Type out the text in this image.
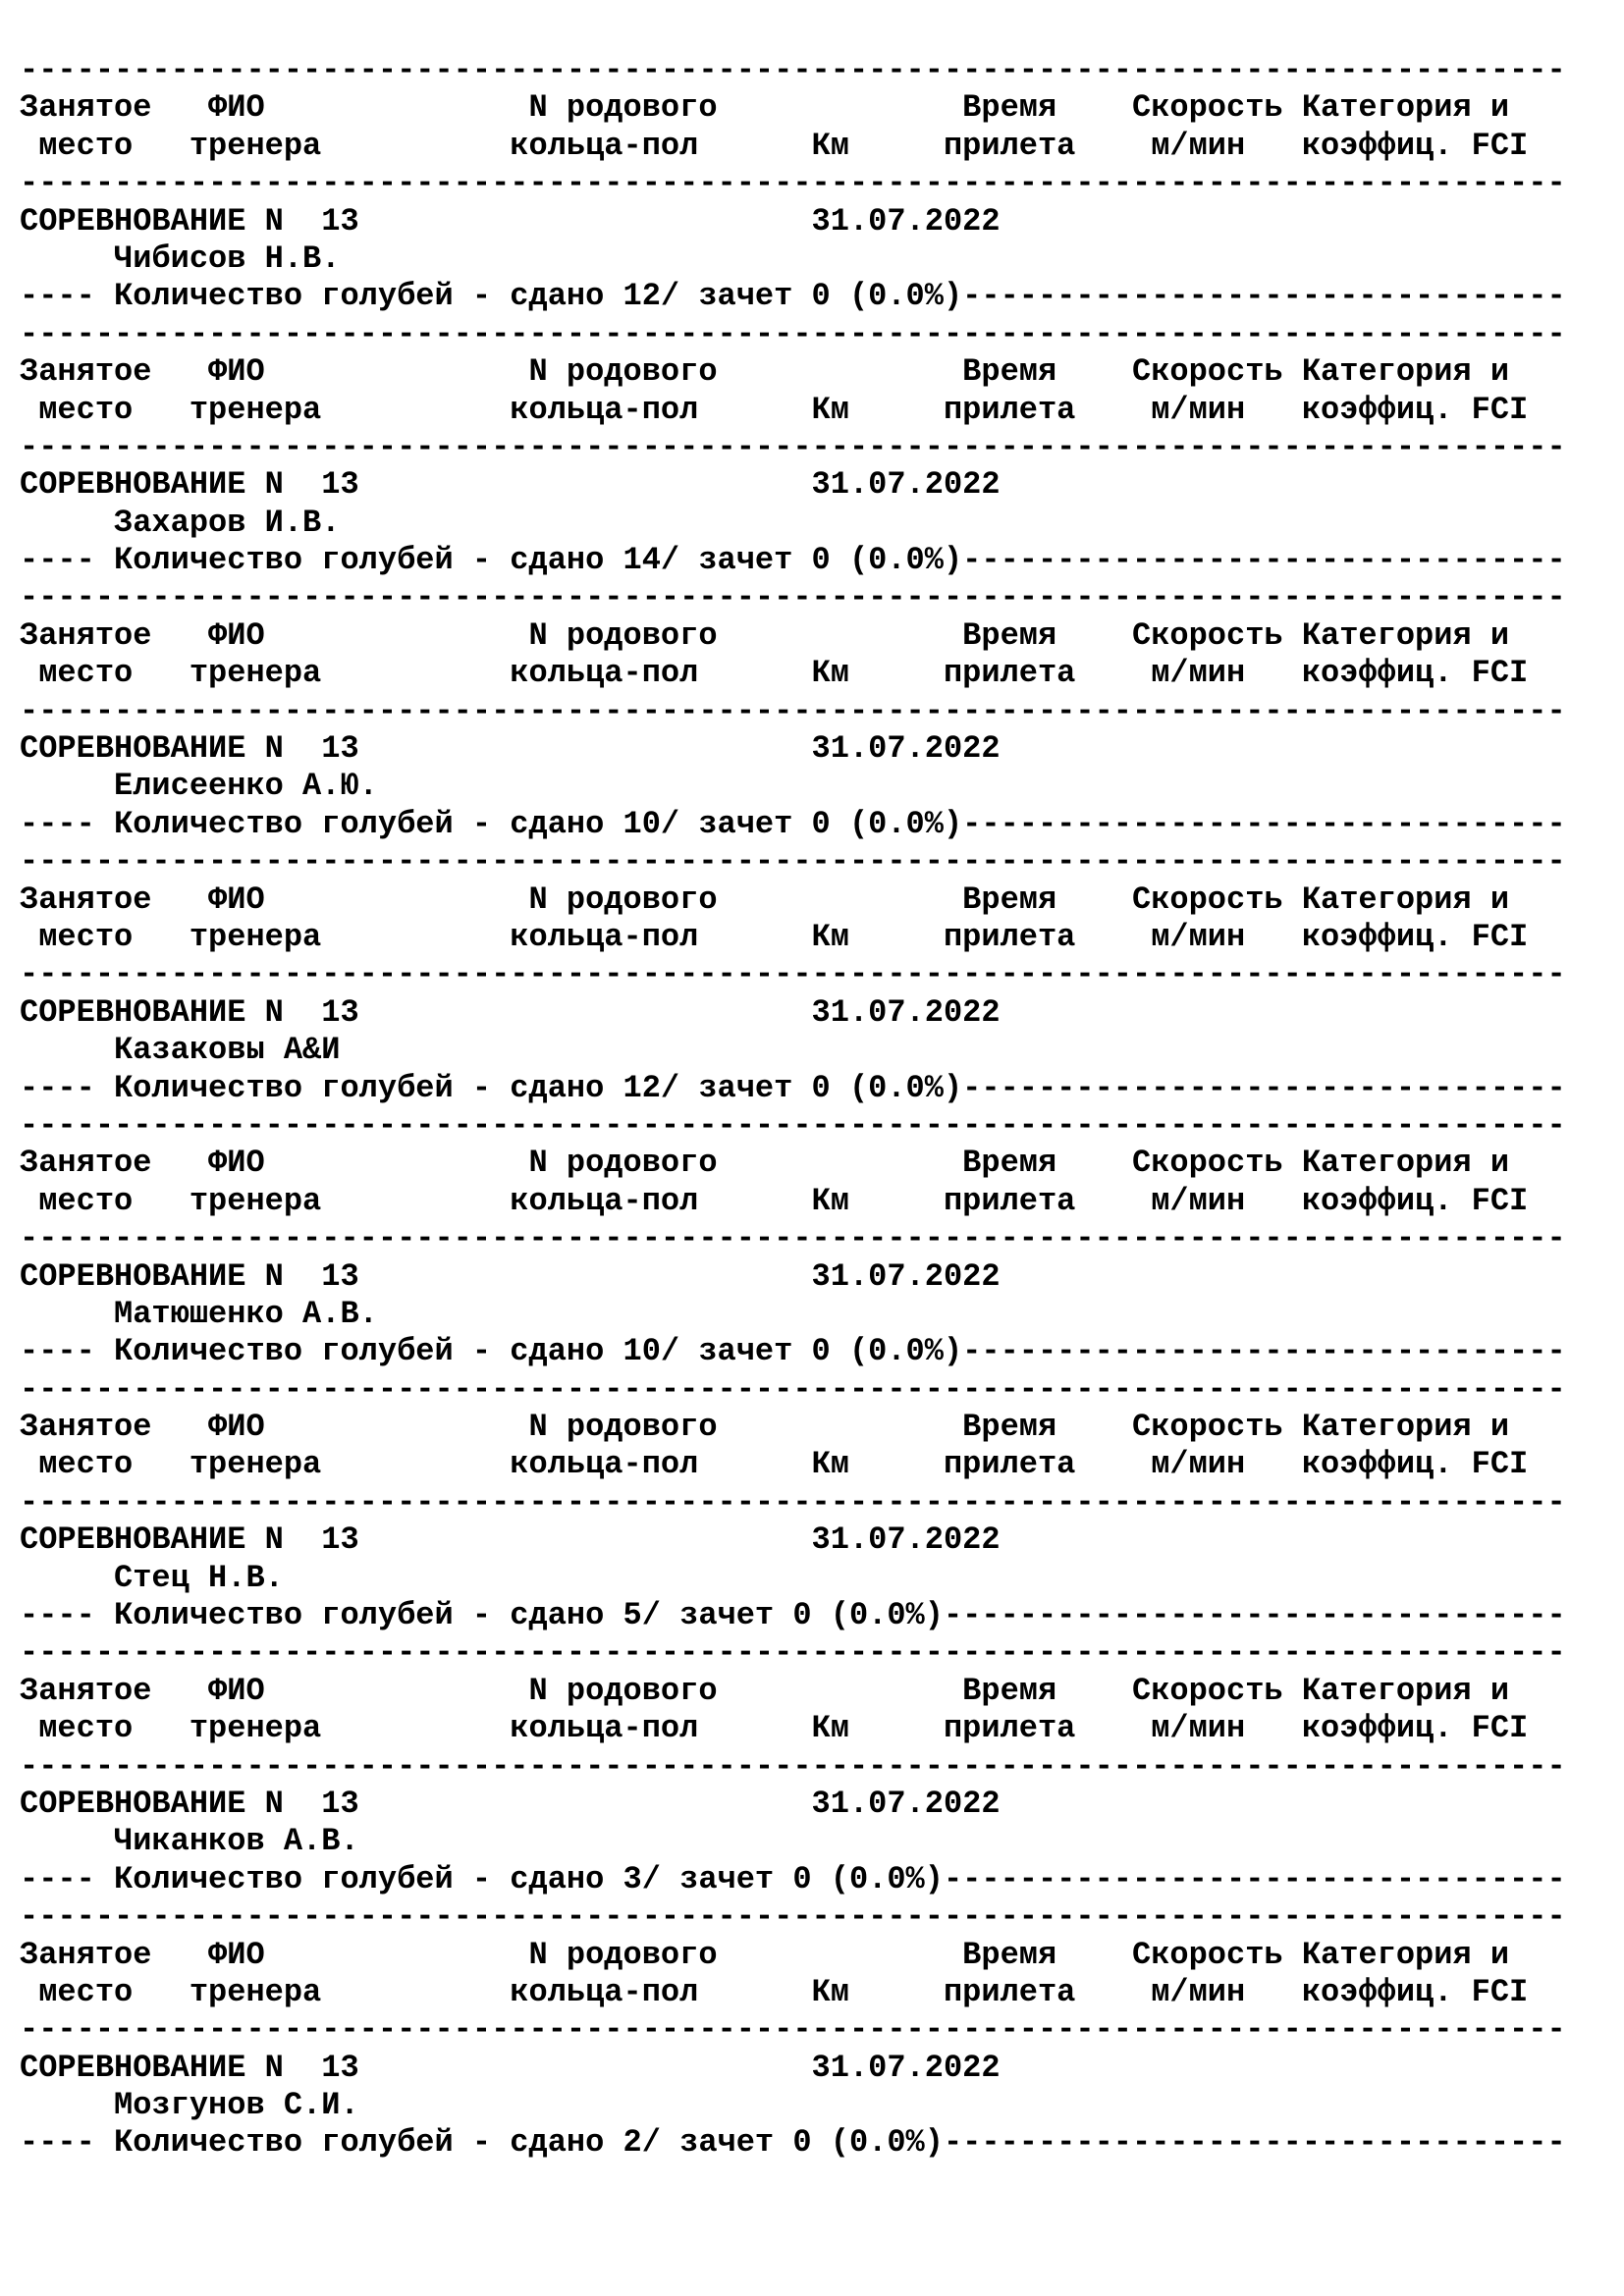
----------------------------------------------------------------------------------
Занятое   ФИО              N родового             Время    Скорость Категория и
место   тренера          кольца-пол      Км     прилета    м/мин   коэффиц. FCI
----------------------------------------------------------------------------------
СОРЕВНОВАНИЕ N  13	31.07.2022
Чибисов Н.В.
---- Количество голубей - сдано 12/ зачет 0 (0.0%)--------------------------------
----------------------------------------------------------------------------------
Занятое   ФИО              N родового             Время    Скорость Категория и
место   тренера          кольца-пол      Км     прилета    м/мин   коэффиц. FCI
----------------------------------------------------------------------------------
СОРЕВНОВАНИЕ N  13	31.07.2022
Захаров И.В.
---- Количество голубей - сдано 14/ зачет 0 (0.0%)--------------------------------
----------------------------------------------------------------------------------
Занятое   ФИО              N родового             Время    Скорость Категория и
место   тренера          кольца-пол      Км     прилета    м/мин   коэффиц. FCI
----------------------------------------------------------------------------------
СОРЕВНОВАНИЕ N  13	31.07.2022
Елисеенко А.Ю.
---- Количество голубей - сдано 10/ зачет 0 (0.0%)--------------------------------
----------------------------------------------------------------------------------
Занятое   ФИО              N родового             Время    Скорость Категория и
место   тренера          кольца-пол      Км     прилета    м/мин   коэффиц. FCI
----------------------------------------------------------------------------------
СОРЕВНОВАНИЕ N  13	31.07.2022
Казаковы А&И
---- Количество голубей - сдано 12/ зачет 0 (0.0%)--------------------------------
----------------------------------------------------------------------------------
Занятое   ФИО              N родового             Время    Скорость Категория и
место   тренера          кольца-пол      Км     прилета    м/мин   коэффиц. FCI
----------------------------------------------------------------------------------
СОРЕВНОВАНИЕ N  13	31.07.2022
Матюшенко А.В.
---- Количество голубей - сдано 10/ зачет 0 (0.0%)--------------------------------
----------------------------------------------------------------------------------
Занятое   ФИО              N родового             Время    Скорость Категория и
место   тренера          кольца-пол      Км     прилета    м/мин   коэффиц. FCI
----------------------------------------------------------------------------------
СОРЕВНОВАНИЕ N  13	31.07.2022
Стец Н.В.
---- Количество голубей - сдано 5/ зачет 0 (0.0%)---------------------------------
----------------------------------------------------------------------------------
Занятое   ФИО              N родового             Время    Скорость Категория и
место   тренера          кольца-пол      Км     прилета    м/мин   коэффиц. FCI
----------------------------------------------------------------------------------
СОРЕВНОВАНИЕ N  13	31.07.2022
Чиканков А.В.
---- Количество голубей - сдано 3/ зачет 0 (0.0%)---------------------------------
----------------------------------------------------------------------------------
Занятое   ФИО              N родового             Время    Скорость Категория и
место   тренера          кольца-пол      Км     прилета    м/мин   коэффиц. FCI
----------------------------------------------------------------------------------
СОРЕВНОВАНИЕ N  13	31.07.2022
Мозгунов С.И.
---- Количество голубей - сдано 2/ зачет 0 (0.0%)---------------------------------
